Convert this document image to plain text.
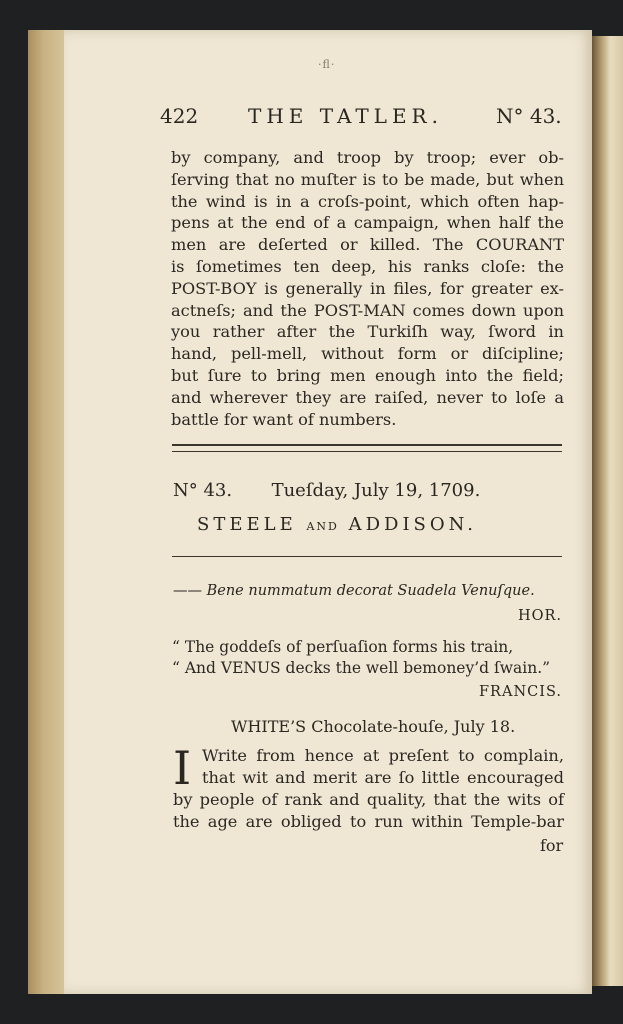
·ﬂ·
422 THE TATLER.	N° 43.
by company, and troop by troop; ever ob-
ſerving that no muſter is to be made, but when
the wind is in a croſs-point, which often hap-
pens at the end of a campaign, when half the
men are deſerted or killed. The COURANT
is ſometimes ten deep, his ranks cloſe: the
POST-BOY is generally in files, for greater ex-
actneſs; and the POST-MAN comes down upon
you rather after the Turkiſh way, ſword in
hand, pell-mell, without form or diſcipline;
but ſure to bring men enough into the field;
and wherever they are raiſed, never to loſe a
battle for want of numbers.
N° 43. Tueſday, July 19, 1709.
STEELE AND ADDISON.
—— Bene nummatum decorat Suadela Venuſque.
HOR.
“ The goddeſs of perſuaſion forms his train,
“ And VENUS decks the well bemoney’d ſwain.”
FRANCIS.
WHITE’S Chocolate-houſe, July 18.
I Write from hence at preſent to complain,
that wit and merit are ſo little encouraged
by people of rank and quality, that the wits of
the age are obliged to run within Temple-bar
for
